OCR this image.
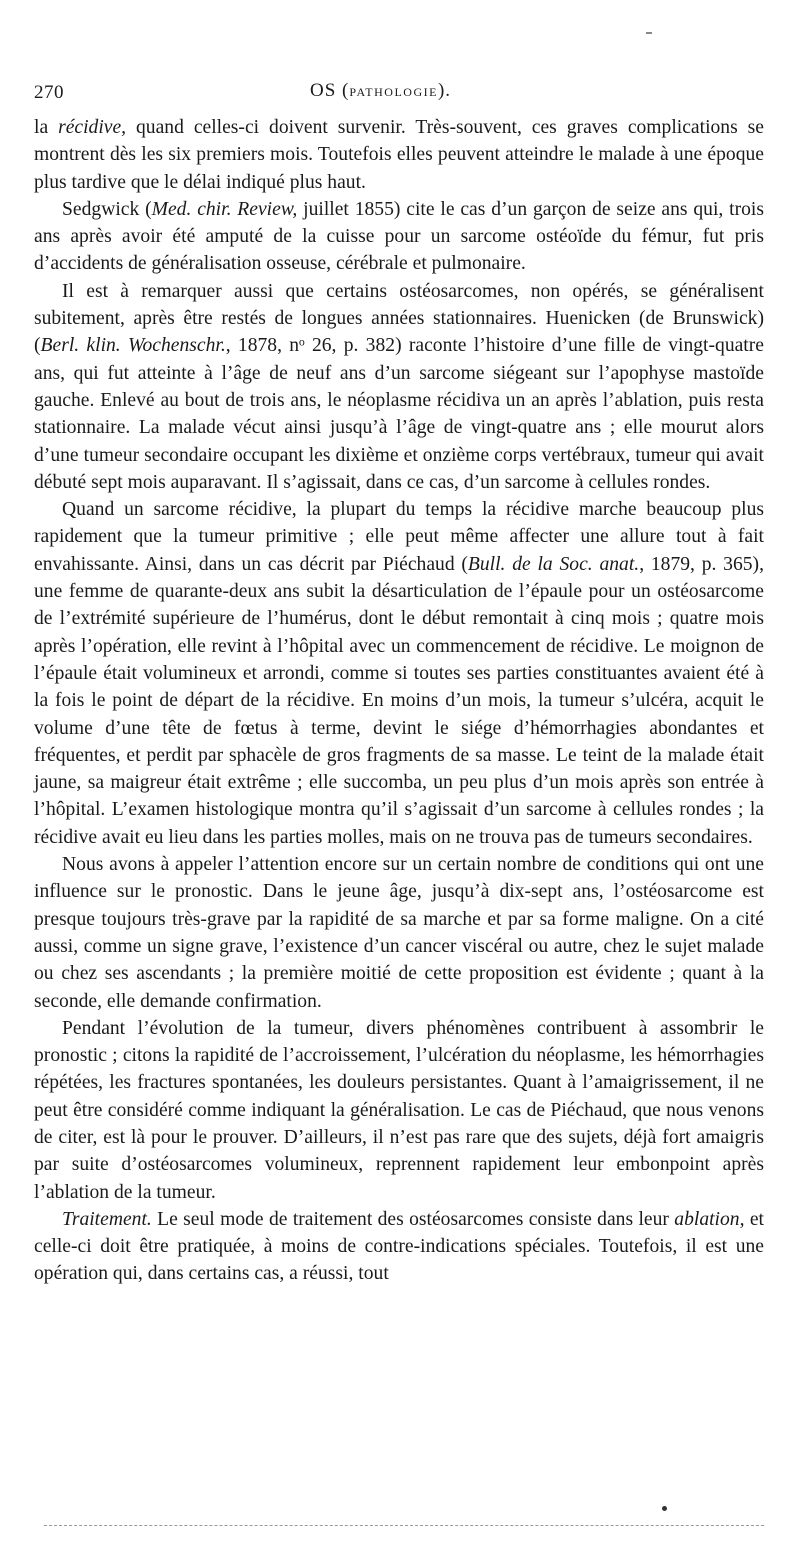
270	OS (PATHOLOGIE).

la récidive, quand celles-ci doivent survenir. Très-souvent, ces graves complications se montrent dès les six premiers mois. Toutefois elles peuvent atteindre le malade à une époque plus tardive que le délai indiqué plus haut.

Sedgwick (Med. chir. Review, juillet 1855) cite le cas d’un garçon de seize ans qui, trois ans après avoir été amputé de la cuisse pour un sarcome ostéoïde du fémur, fut pris d’accidents de généralisation osseuse, cérébrale et pulmonaire.

Il est à remarquer aussi que certains ostéosarcomes, non opérés, se généralisent subitement, après être restés de longues années stationnaires. Huenicken (de Brunswick) (Berl. klin. Wochenschr., 1878, nᵒ 26, p. 382) raconte l’histoire d’une fille de vingt-quatre ans, qui fut atteinte à l’âge de neuf ans d’un sarcome siégeant sur l’apophyse mastoïde gauche. Enlevé au bout de trois ans, le néoplasme récidiva un an après l’ablation, puis resta stationnaire. La malade vécut ainsi jusqu’à l’âge de vingt-quatre ans ; elle mourut alors d’une tumeur secondaire occupant les dixième et onzième corps vertébraux, tumeur qui avait débuté sept mois auparavant. Il s’agissait, dans ce cas, d’un sarcome à cellules rondes.

Quand un sarcome récidive, la plupart du temps la récidive marche beaucoup plus rapidement que la tumeur primitive ; elle peut même affecter une allure tout à fait envahissante. Ainsi, dans un cas décrit par Piéchaud (Bull. de la Soc. anat., 1879, p. 365), une femme de quarante-deux ans subit la désarticulation de l’épaule pour un ostéosarcome de l’extrémité supérieure de l’humérus, dont le début remontait à cinq mois ; quatre mois après l’opération, elle revint à l’hôpital avec un commencement de récidive. Le moignon de l’épaule était volumineux et arrondi, comme si toutes ses parties constituantes avaient été à la fois le point de départ de la récidive. En moins d’un mois, la tumeur s’ulcéra, acquit le volume d’une tête de fœtus à terme, devint le siége d’hémorrhagies abondantes et fréquentes, et perdit par sphacèle de gros fragments de sa masse. Le teint de la malade était jaune, sa maigreur était extrême ; elle succomba, un peu plus d’un mois après son entrée à l’hôpital. L’examen histologique montra qu’il s’agissait d’un sarcome à cellules rondes ; la récidive avait eu lieu dans les parties molles, mais on ne trouva pas de tumeurs secondaires.

Nous avons à appeler l’attention encore sur un certain nombre de conditions qui ont une influence sur le pronostic. Dans le jeune âge, jusqu’à dix-sept ans, l’ostéosarcome est presque toujours très-grave par la rapidité de sa marche et par sa forme maligne. On a cité aussi, comme un signe grave, l’existence d’un cancer viscéral ou autre, chez le sujet malade ou chez ses ascendants ; la première moitié de cette proposition est évidente ; quant à la seconde, elle demande confirmation.

Pendant l’évolution de la tumeur, divers phénomènes contribuent à assombrir le pronostic ; citons la rapidité de l’accroissement, l’ulcération du néoplasme, les hémorrhagies répétées, les fractures spontanées, les douleurs persistantes. Quant à l’amaigrissement, il ne peut être considéré comme indiquant la généralisation. Le cas de Piéchaud, que nous venons de citer, est là pour le prouver. D’ailleurs, il n’est pas rare que des sujets, déjà fort amaigris par suite d’ostéosarcomes volumineux, reprennent rapidement leur embonpoint après l’ablation de la tumeur.

Traitement. Le seul mode de traitement des ostéosarcomes consiste dans leur ablation, et celle-ci doit être pratiquée, à moins de contre-indications spéciales. Toutefois, il est une opération qui, dans certains cas, a réussi, tout
